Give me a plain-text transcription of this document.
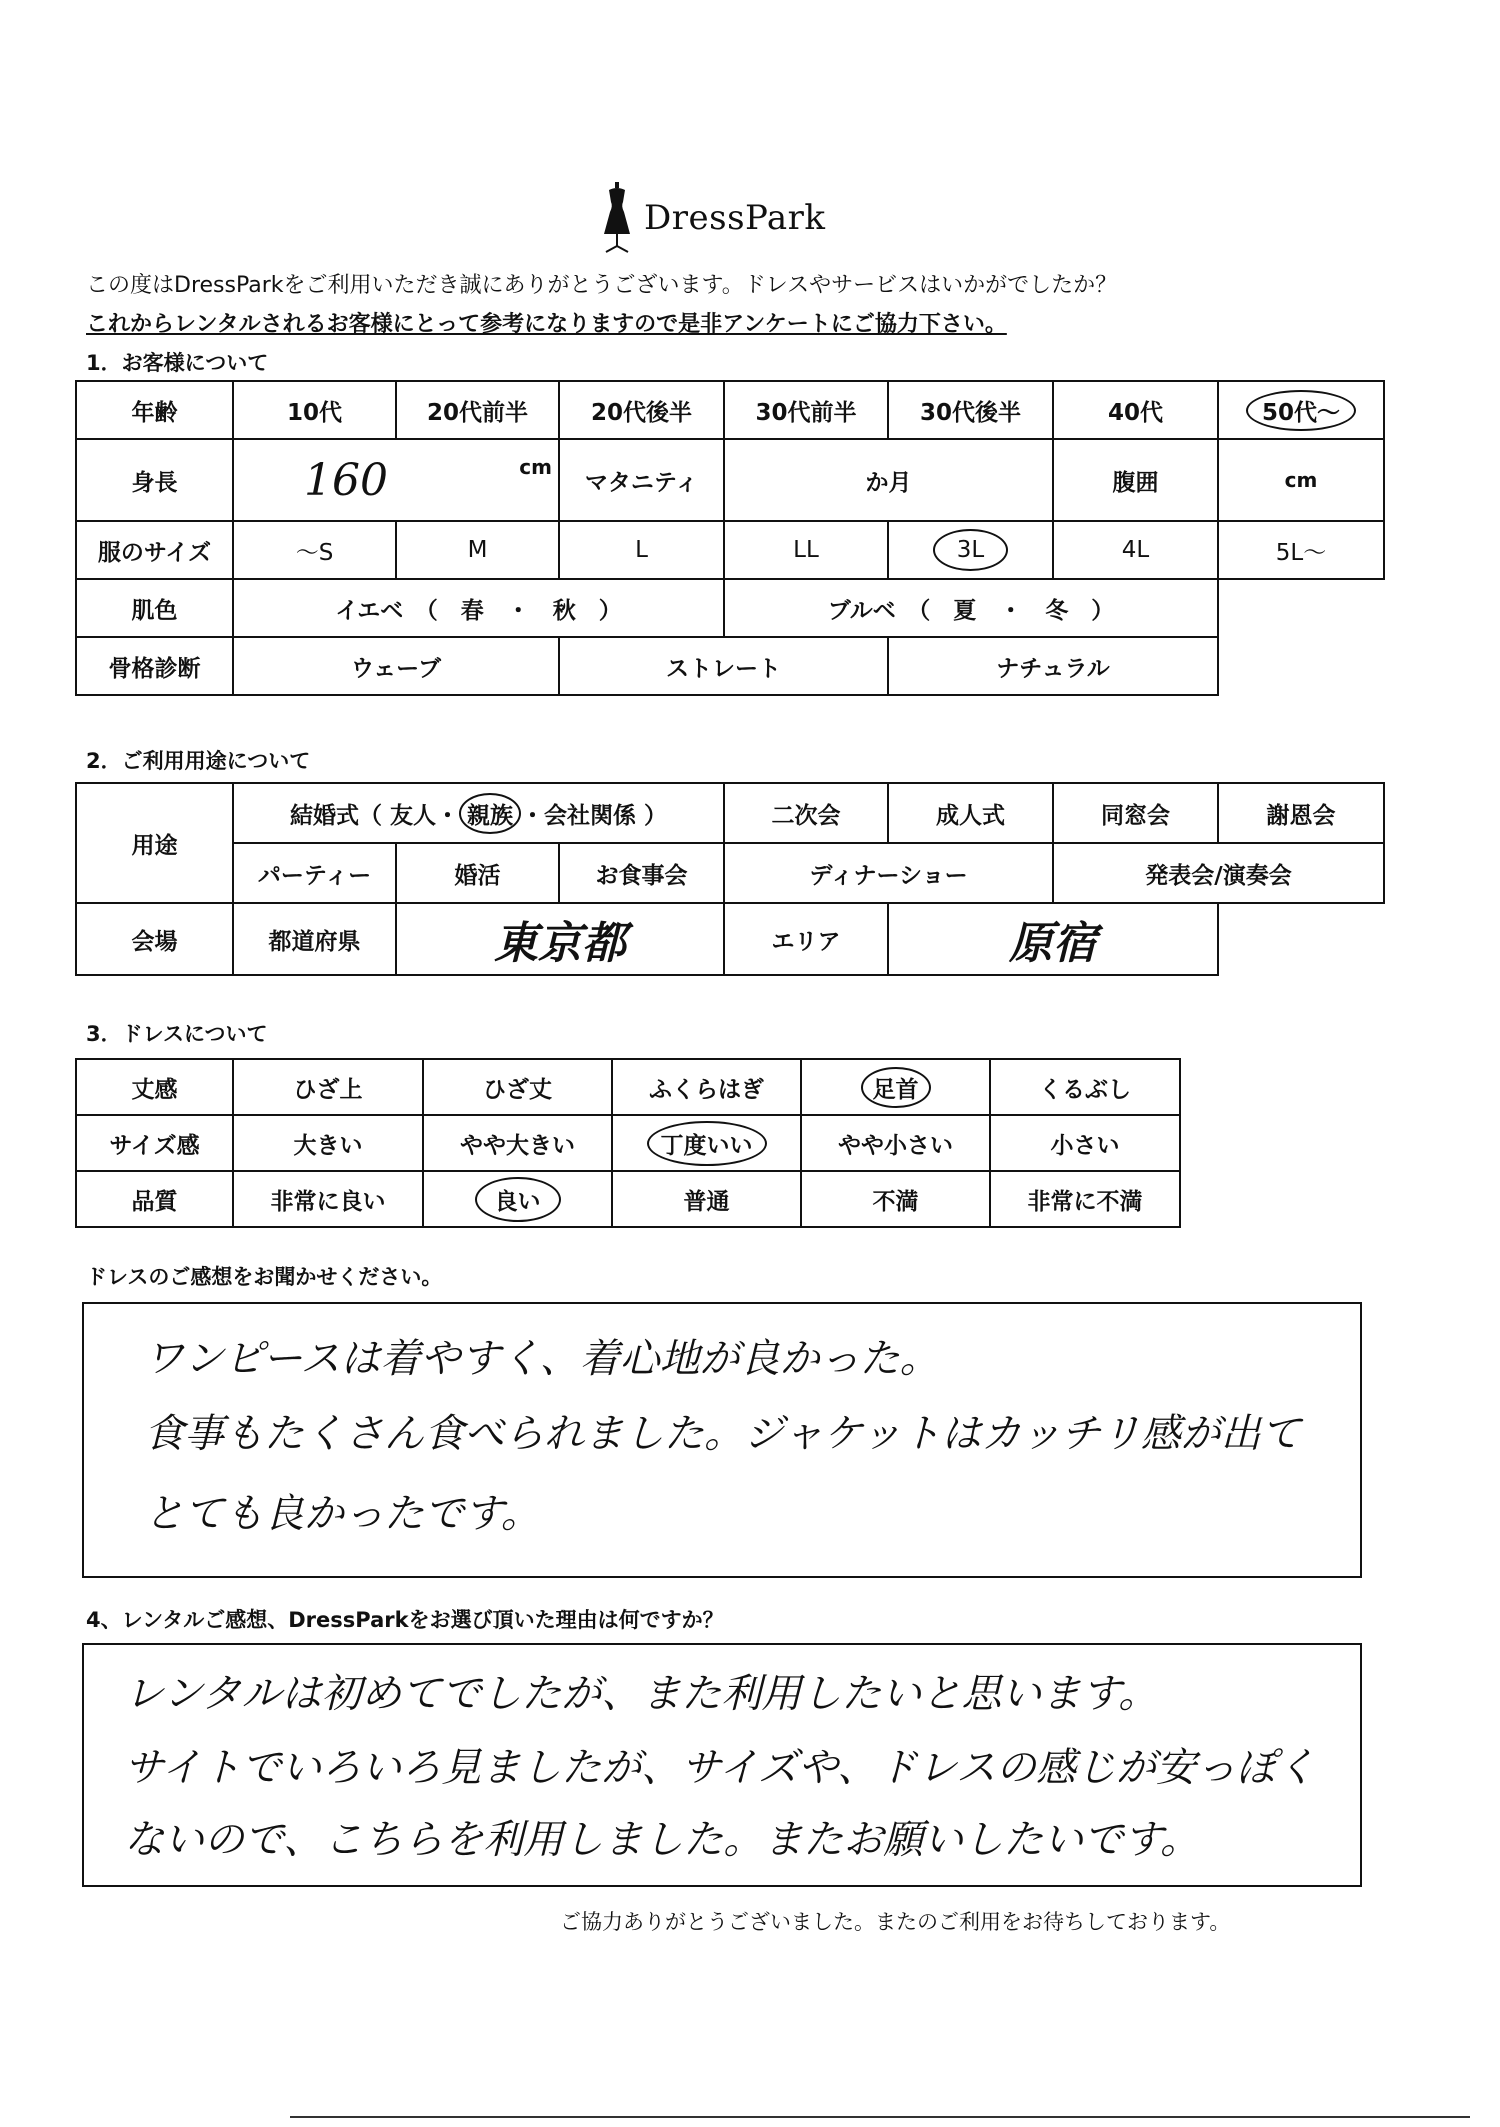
DressPark
この度はDressParkをご利用いただき誠にありがとうございます。ドレスやサービスはいかがでしたか？
これからレンタルされるお客様にとって参考になりますので是非アンケートにご協力下さい。
1．お客様について
年齢	10代	20代前半	20代後半	30代前半	30代後半	40代	50代〜
身長	160 cm		マタニティ	か月		腹囲	cm
服のサイズ	〜S	M	L	LL	3L	4L	5L〜
肌色	イエベ　（　春　・　秋　）			ブルベ　（　夏　・　冬　）			
骨格診断	ウェーブ		ストレート		ナチュラル		
2．ご利用用途について
用途	結婚式（ 友人・ 親族 ・会社関係 ）			二次会	成人式	同窓会	謝恩会
	パーティー	婚活	お食事会	ディナーショー		発表会/演奏会	
会場	都道府県	東京都		エリア	原宿		
3．ドレスについて
丈感	ひざ上	ひざ丈	ふくらはぎ	足首	くるぶし
サイズ感	大きい	やや大きい	丁度いい	やや小さい	小さい
品質	非常に良い	良い	普通	不満	非常に不満
ドレスのご感想をお聞かせください。
ワンピースは着やすく、着心地が良かった。
食事もたくさん食べられました。ジャケットはカッチリ感が出て
とても良かったです。
4、レンタルご感想、DressParkをお選び頂いた理由は何ですか？
レンタルは初めてでしたが、また利用したいと思います。
サイトでいろいろ見ましたが、サイズや、ドレスの感じが安っぽく
ないので、こちらを利用しました。またお願いしたいです。
ご協力ありがとうございました。またのご利用をお待ちしております。
